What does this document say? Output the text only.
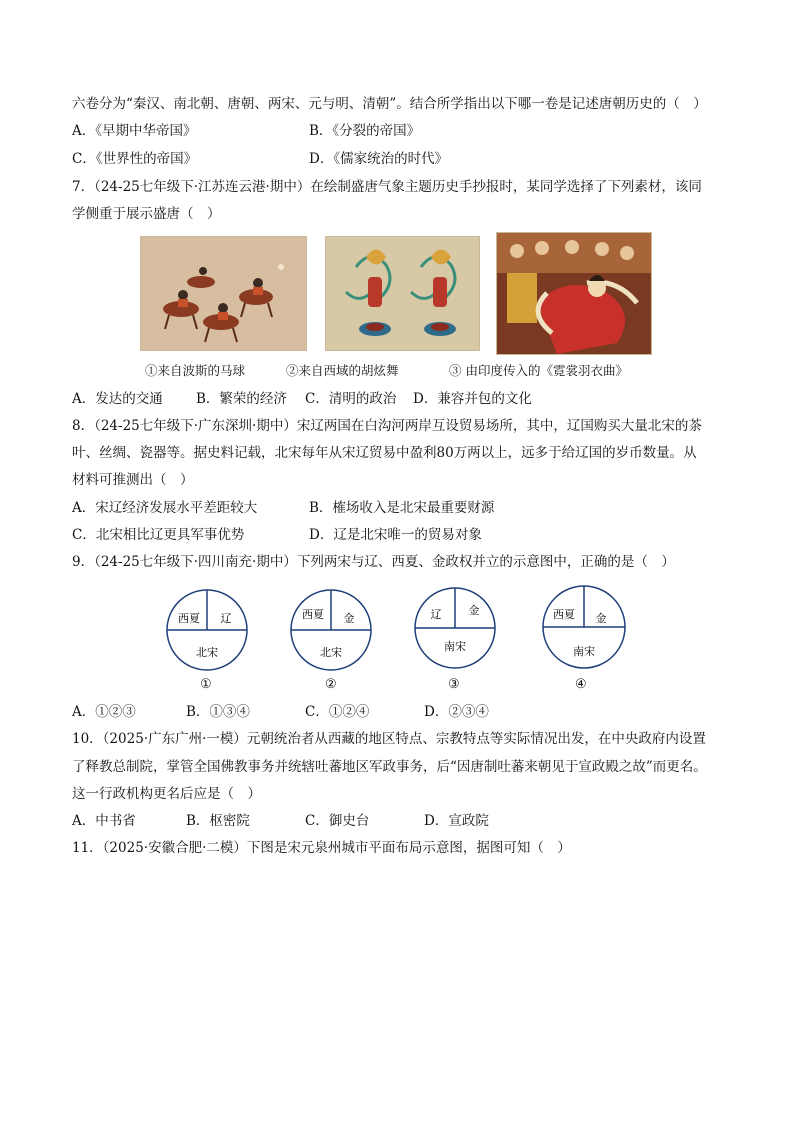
六卷分为“秦汉、南北朝、唐朝、两宋、元与明、清朝”。结合所学指出以下哪一卷是记述唐朝历史的（　）
A．《早期中华帝国》	B．《分裂的帝国》
C．《世界性的帝国》	D．《儒家统治的时代》
7．（24-25七年级下·江苏连云港·期中）在绘制盛唐气象主题历史手抄报时，某同学选择了下列素材，该同
学侧重于展示盛唐（　）
①来自波斯的马球	②来自西域的胡炫舞	③ 由印度传入的《霓裳羽衣曲》
A．发达的交通 B．繁荣的经济 C．清明的政治 D．兼容并包的文化
8．（24-25七年级下·广东深圳·期中）宋辽两国在白沟河两岸互设贸易场所，其中，辽国购买大量北宋的茶
叶、丝绸、瓷器等。据史料记载，北宋每年从宋辽贸易中盈利80万两以上，远多于给辽国的岁币数量。从
材料可推测出（　）
A．宋辽经济发展水平差距较大	B．榷场收入是北宋最重要财源
C．北宋相比辽更具军事优势	D．辽是北宋唯一的贸易对象
9．（24-25七年级下·四川南充·期中）下列两宋与辽、西夏、金政权并立的示意图中，正确的是（　）
西夏 辽
北宋
①
西夏 金
北宋
②
辽 金
南宋
③
西夏 金
南宋
④
A．①②③	B．①③④	C．①②④	D．②③④
10．（2025·广东广州·一模）元朝统治者从西藏的地区特点、宗教特点等实际情况出发，在中央政府内设置
了释教总制院，掌管全国佛教事务并统辖吐蕃地区军政事务，后“因唐制吐蕃来朝见于宣政殿之故”而更名。
这一行政机构更名后应是（　）
A．中书省	B．枢密院	C．御史台	D．宣政院
11．（2025·安徽合肥·二模）下图是宋元泉州城市平面布局示意图，据图可知（　）
